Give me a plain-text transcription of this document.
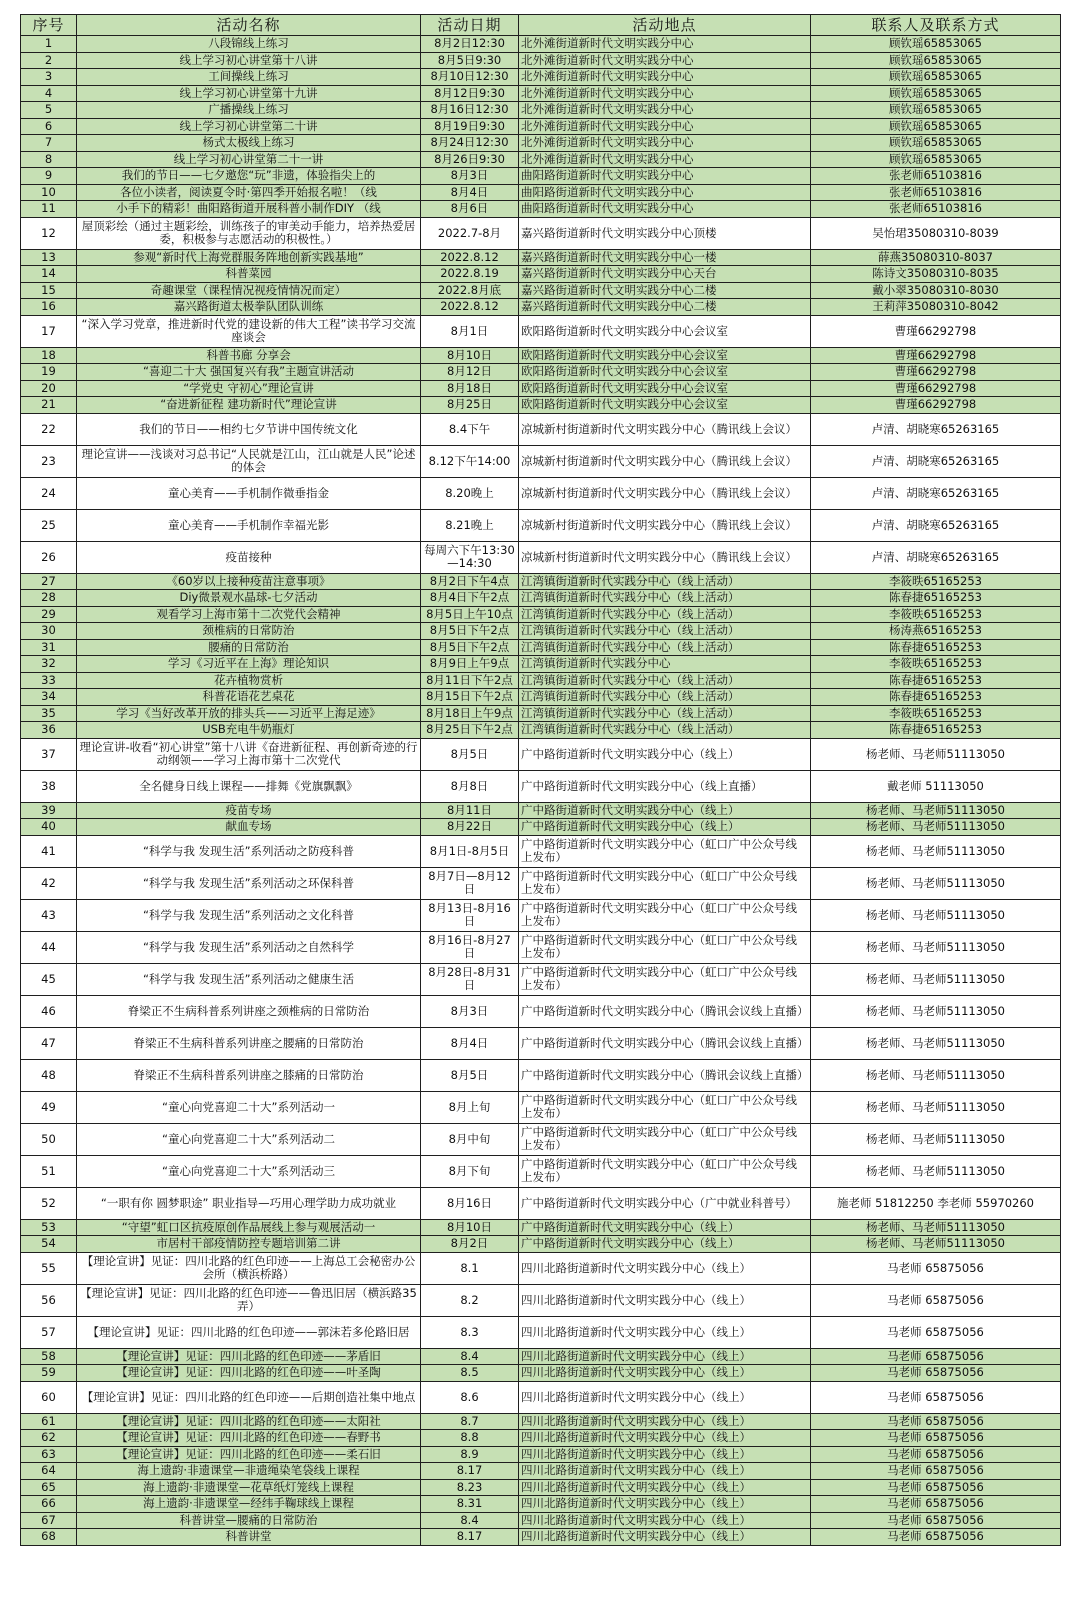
序号	活动名称	活动日期	活动地点	联系人及联系方式
1	八段锦线上练习	8月2日12:30	北外滩街道新时代文明实践分中心	顾钦瑶65853065
2	线上学习初心讲堂第十八讲	8月5日9:30	北外滩街道新时代文明实践分中心	顾钦瑶65853065
3	工间操线上练习	8月10日12:30	北外滩街道新时代文明实践分中心	顾钦瑶65853065
4	线上学习初心讲堂第十九讲	8月12日9:30	北外滩街道新时代文明实践分中心	顾钦瑶65853065
5	广播操线上练习	8月16日12:30	北外滩街道新时代文明实践分中心	顾钦瑶65853065
6	线上学习初心讲堂第二十讲	8月19日9:30	北外滩街道新时代文明实践分中心	顾钦瑶65853065
7	杨式太极线上练习	8月24日12:30	北外滩街道新时代文明实践分中心	顾钦瑶65853065
8	线上学习初心讲堂第二十一讲	8月26日9:30	北外滩街道新时代文明实践分中心	顾钦瑶65853065
9	我们的节日——七夕邀您“玩”非遗，体验指尖上的	8月3日	曲阳路街道新时代文明实践分中心	张老师65103816
10	各位小读者，阅读夏令时·第四季开始报名啦！（线	8月4日	曲阳路街道新时代文明实践分中心	张老师65103816
11	小手下的精彩！曲阳路街道开展科普小制作DIY （线	8月6日	曲阳路街道新时代文明实践分中心	张老师65103816
12	屋顶彩绘（通过主题彩绘，训练孩子的审美动手能力，培养热爱居委，积极参与志愿活动的积极性。）	2022.7-8月	嘉兴路街道新时代文明实践分中心顶楼	吴怡珺35080310-8039
13	参观“新时代上海党群服务阵地创新实践基地”	2022.8.12	嘉兴路街道新时代文明实践分中心一楼	薛燕35080310-8037
14	科普菜园	2022.8.19	嘉兴路街道新时代文明实践分中心天台	陈诗文35080310-8035
15	奇趣课堂（课程情况视疫情情况而定）	2022.8月底	嘉兴路街道新时代文明实践分中心二楼	戴小翠35080310-8030
16	嘉兴路街道太极拳队团队训练	2022.8.12	嘉兴路街道新时代文明实践分中心二楼	王莉萍35080310-8042
17	“深入学习党章，推进新时代党的建设新的伟大工程”读书学习交流座谈会	8月1日	欧阳路街道新时代文明实践分中心会议室	曹瑾66292798
18	科普书廊 分享会	8月10日	欧阳路街道新时代文明实践分中心会议室	曹瑾66292798
19	“喜迎二十大 强国复兴有我”主题宣讲活动	8月12日	欧阳路街道新时代文明实践分中心会议室	曹瑾66292798
20	“学党史 守初心”理论宣讲	8月18日	欧阳路街道新时代文明实践分中心会议室	曹瑾66292798
21	“奋进新征程 建功新时代”理论宣讲	8月25日	欧阳路街道新时代文明实践分中心会议室	曹瑾66292798
22	我们的节日——相约七夕节讲中国传统文化	8.4下午	凉城新村街道新时代文明实践分中心（腾讯线上会议）	卢清、胡晓寒65263165
23	理论宣讲——浅谈对习总书记“人民就是江山，江山就是人民”论述的体会	8.12下午14:00	凉城新村街道新时代文明实践分中心（腾讯线上会议）	卢清、胡晓寒65263165
24	童心美育——手机制作微垂指金	8.20晚上	凉城新村街道新时代文明实践分中心（腾讯线上会议）	卢清、胡晓寒65263165
25	童心美育——手机制作幸福光影	8.21晚上	凉城新村街道新时代文明实践分中心（腾讯线上会议）	卢清、胡晓寒65263165
26	疫苗接种	每周六下午13:30—14:30	凉城新村街道新时代文明实践分中心（腾讯线上会议）	卢清、胡晓寒65263165
27	《60岁以上接种疫苗注意事项》	8月2日下午4点	江湾镇街道新时代实践分中心（线上活动）	李筱昳65165253
28	Diy微景观水晶球-七夕活动	8月4日下午2点	江湾镇街道新时代实践分中心（线上活动）	陈春捷65165253
29	观看学习上海市第十二次党代会精神	8月5日上午10点	江湾镇街道新时代实践分中心（线上活动）	李筱昳65165253
30	颈椎病的日常防治	8月5日下午2点	江湾镇街道新时代实践分中心（线上活动）	杨涛燕65165253
31	腰痛的日常防治	8月5日下午2点	江湾镇街道新时代实践分中心（线上活动）	陈春捷65165253
32	学习《习近平在上海》理论知识	8月9日上午9点	江湾镇街道新时代实践分中心	李筱昳65165253
33	花卉植物赏析	8月11日下午2点	江湾镇街道新时代实践分中心（线上活动）	陈春捷65165253
34	科普花语花艺桌花	8月15日下午2点	江湾镇街道新时代实践分中心（线上活动）	陈春捷65165253
35	学习《当好改革开放的排头兵——习近平上海足迹》	8月18日上午9点	江湾镇街道新时代实践分中心（线上活动）	李筱昳65165253
36	USB充电牛奶瓶灯	8月25日下午2点	江湾镇街道新时代实践分中心（线上活动）	陈春捷65165253
37	理论宣讲-收看“初心讲堂”第十八讲《奋进新征程、再创新奇迹的行动纲领——学习上海市第十二次党代	8月5日	广中路街道新时代文明实践分中心（线上）	杨老师、马老师51113050
38	全名健身日线上课程——排舞《党旗飘飘》	8月8日	广中路街道新时代文明实践分中心（线上直播）	戴老师 51113050
39	疫苗专场	8月11日	广中路街道新时代文明实践分中心（线上）	杨老师、马老师51113050
40	献血专场	8月22日	广中路街道新时代文明实践分中心（线上）	杨老师、马老师51113050
41	“科学与我 发现生活”系列活动之防疫科普	8月1日-8月5日	广中路街道新时代文明实践分中心（虹口广中公众号线上发布）	杨老师、马老师51113050
42	“科学与我 发现生活”系列活动之环保科普	8月7日—8月12日	广中路街道新时代文明实践分中心（虹口广中公众号线上发布）	杨老师、马老师51113050
43	“科学与我 发现生活”系列活动之文化科普	8月13日-8月16日	广中路街道新时代文明实践分中心（虹口广中公众号线上发布）	杨老师、马老师51113050
44	“科学与我 发现生活”系列活动之自然科学	8月16日-8月27日	广中路街道新时代文明实践分中心（虹口广中公众号线上发布）	杨老师、马老师51113050
45	“科学与我 发现生活”系列活动之健康生活	8月28日-8月31日	广中路街道新时代文明实践分中心（虹口广中公众号线上发布）	杨老师、马老师51113050
46	脊梁正不生病科普系列讲座之颈椎病的日常防治	8月3日	广中路街道新时代文明实践分中心（腾讯会议线上直播）	杨老师、马老师51113050
47	脊梁正不生病科普系列讲座之腰痛的日常防治	8月4日	广中路街道新时代文明实践分中心（腾讯会议线上直播）	杨老师、马老师51113050
48	脊梁正不生病科普系列讲座之膝痛的日常防治	8月5日	广中路街道新时代文明实践分中心（腾讯会议线上直播）	杨老师、马老师51113050
49	“童心向党喜迎二十大”系列活动一	8月上旬	广中路街道新时代文明实践分中心（虹口广中公众号线上发布）	杨老师、马老师51113050
50	“童心向党喜迎二十大”系列活动二	8月中旬	广中路街道新时代文明实践分中心（虹口广中公众号线上发布）	杨老师、马老师51113050
51	“童心向党喜迎二十大”系列活动三	8月下旬	广中路街道新时代文明实践分中心（虹口广中公众号线上发布）	杨老师、马老师51113050
52	“一职有你 圆梦职途” 职业指导—巧用心理学助力成功就业	8月16日	广中路街道新时代文明实践分中心（广中就业科普号）	施老师 51812250 李老师 55970260
53	“守望”虹口区抗疫原创作品展线上参与观展活动一	8月10日	广中路街道新时代文明实践分中心（线上）	杨老师、马老师51113050
54	市居村干部疫情防控专题培训第二讲	8月2日	广中路街道新时代文明实践分中心（线上）	杨老师、马老师51113050
55	【理论宣讲】见证：四川北路的红色印迹——上海总工会秘密办公会所（横浜桥路）	8.1	四川北路街道新时代文明实践分中心（线上）	马老师 65875056
56	【理论宣讲】见证：四川北路的红色印迹——鲁迅旧居（横浜路35弄）	8.2	四川北路街道新时代文明实践分中心（线上）	马老师 65875056
57	【理论宣讲】见证：四川北路的红色印迹——郭沫若多伦路旧居	8.3	四川北路街道新时代文明实践分中心（线上）	马老师 65875056
58	【理论宣讲】见证：四川北路的红色印迹——茅盾旧	8.4	四川北路街道新时代文明实践分中心（线上）	马老师 65875056
59	【理论宣讲】见证：四川北路的红色印迹——叶圣陶	8.5	四川北路街道新时代文明实践分中心（线上）	马老师 65875056
60	【理论宣讲】见证：四川北路的红色印迹——后期创造社集中地点	8.6	四川北路街道新时代文明实践分中心（线上）	马老师 65875056
61	【理论宣讲】见证：四川北路的红色印迹——太阳社	8.7	四川北路街道新时代文明实践分中心（线上）	马老师 65875056
62	【理论宣讲】见证：四川北路的红色印迹——春野书	8.8	四川北路街道新时代文明实践分中心（线上）	马老师 65875056
63	【理论宣讲】见证：四川北路的红色印迹——柔石旧	8.9	四川北路街道新时代文明实践分中心（线上）	马老师 65875056
64	海上遗韵·非遗课堂—非遗绳染笔袋线上课程	8.17	四川北路街道新时代文明实践分中心（线上）	马老师 65875056
65	海上遗韵·非遗课堂—花草纸灯笼线上课程	8.23	四川北路街道新时代文明实践分中心（线上）	马老师 65875056
66	海上遗韵·非遗课堂—经纬手鞠球线上课程	8.31	四川北路街道新时代文明实践分中心（线上）	马老师 65875056
67	科普讲堂—腰痛的日常防治	8.4	四川北路街道新时代文明实践分中心（线上）	马老师 65875056
68	科普讲堂	8.17	四川北路街道新时代文明实践分中心（线上）	马老师 65875056
